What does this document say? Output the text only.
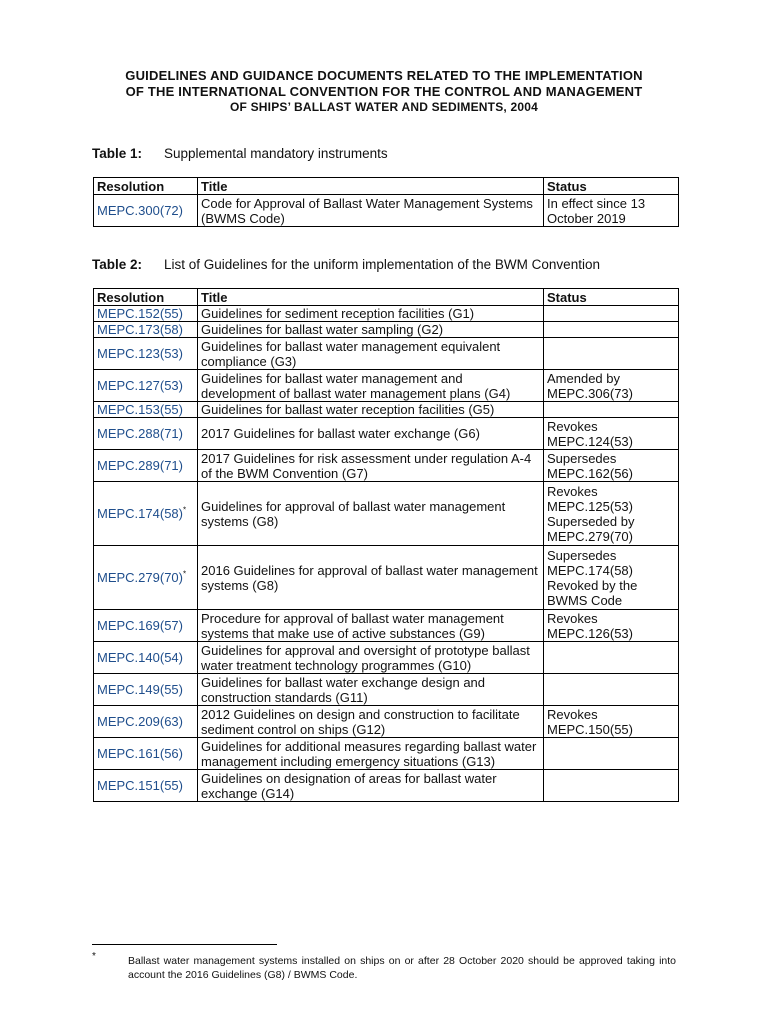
GUIDELINES AND GUIDANCE DOCUMENTS RELATED TO THE IMPLEMENTATION
OF THE INTERNATIONAL CONVENTION FOR THE CONTROL AND MANAGEMENT
OF SHIPS’ BALLAST WATER AND SEDIMENTS, 2004
Table 1: Supplemental mandatory instruments
Resolution	Title	Status
MEPC.300(72)	Code for Approval of Ballast Water Management Systems (BWMS Code)	In effect since 13 October 2019
Table 2: List of Guidelines for the uniform implementation of the BWM Convention
Resolution	Title	Status
MEPC.152(55)	Guidelines for sediment reception facilities (G1)	
MEPC.173(58)	Guidelines for ballast water sampling (G2)	
MEPC.123(53)	Guidelines for ballast water management equivalent compliance (G3)	
MEPC.127(53)	Guidelines for ballast water management and development of ballast water management plans (G4)	Amended by MEPC.306(73)
MEPC.153(55)	Guidelines for ballast water reception facilities (G5)	
MEPC.288(71)	2017 Guidelines for ballast water exchange (G6)	Revokes MEPC.124(53)
MEPC.289(71)	2017 Guidelines for risk assessment under regulation A-4 of the BWM Convention (G7)	Supersedes MEPC.162(56)
MEPC.174(58)*	Guidelines for approval of ballast water management systems (G8)	Revokes MEPC.125(53) Superseded by MEPC.279(70)
MEPC.279(70)*	2016 Guidelines for approval of ballast water management systems (G8)	Supersedes MEPC.174(58) Revoked by the BWMS Code
MEPC.169(57)	Procedure for approval of ballast water management systems that make use of active substances (G9)	Revokes MEPC.126(53)
MEPC.140(54)	Guidelines for approval and oversight of prototype ballast water treatment technology programmes (G10)	
MEPC.149(55)	Guidelines for ballast water exchange design and construction standards (G11)	
MEPC.209(63)	2012 Guidelines on design and construction to facilitate sediment control on ships (G12)	Revokes MEPC.150(55)
MEPC.161(56)	Guidelines for additional measures regarding ballast water management including emergency situations (G13)	
MEPC.151(55)	Guidelines on designation of areas for ballast water exchange (G14)	
*	Ballast water management systems installed on ships on or after 28 October 2020 should be approved taking into account the 2016 Guidelines (G8) / BWMS Code.
